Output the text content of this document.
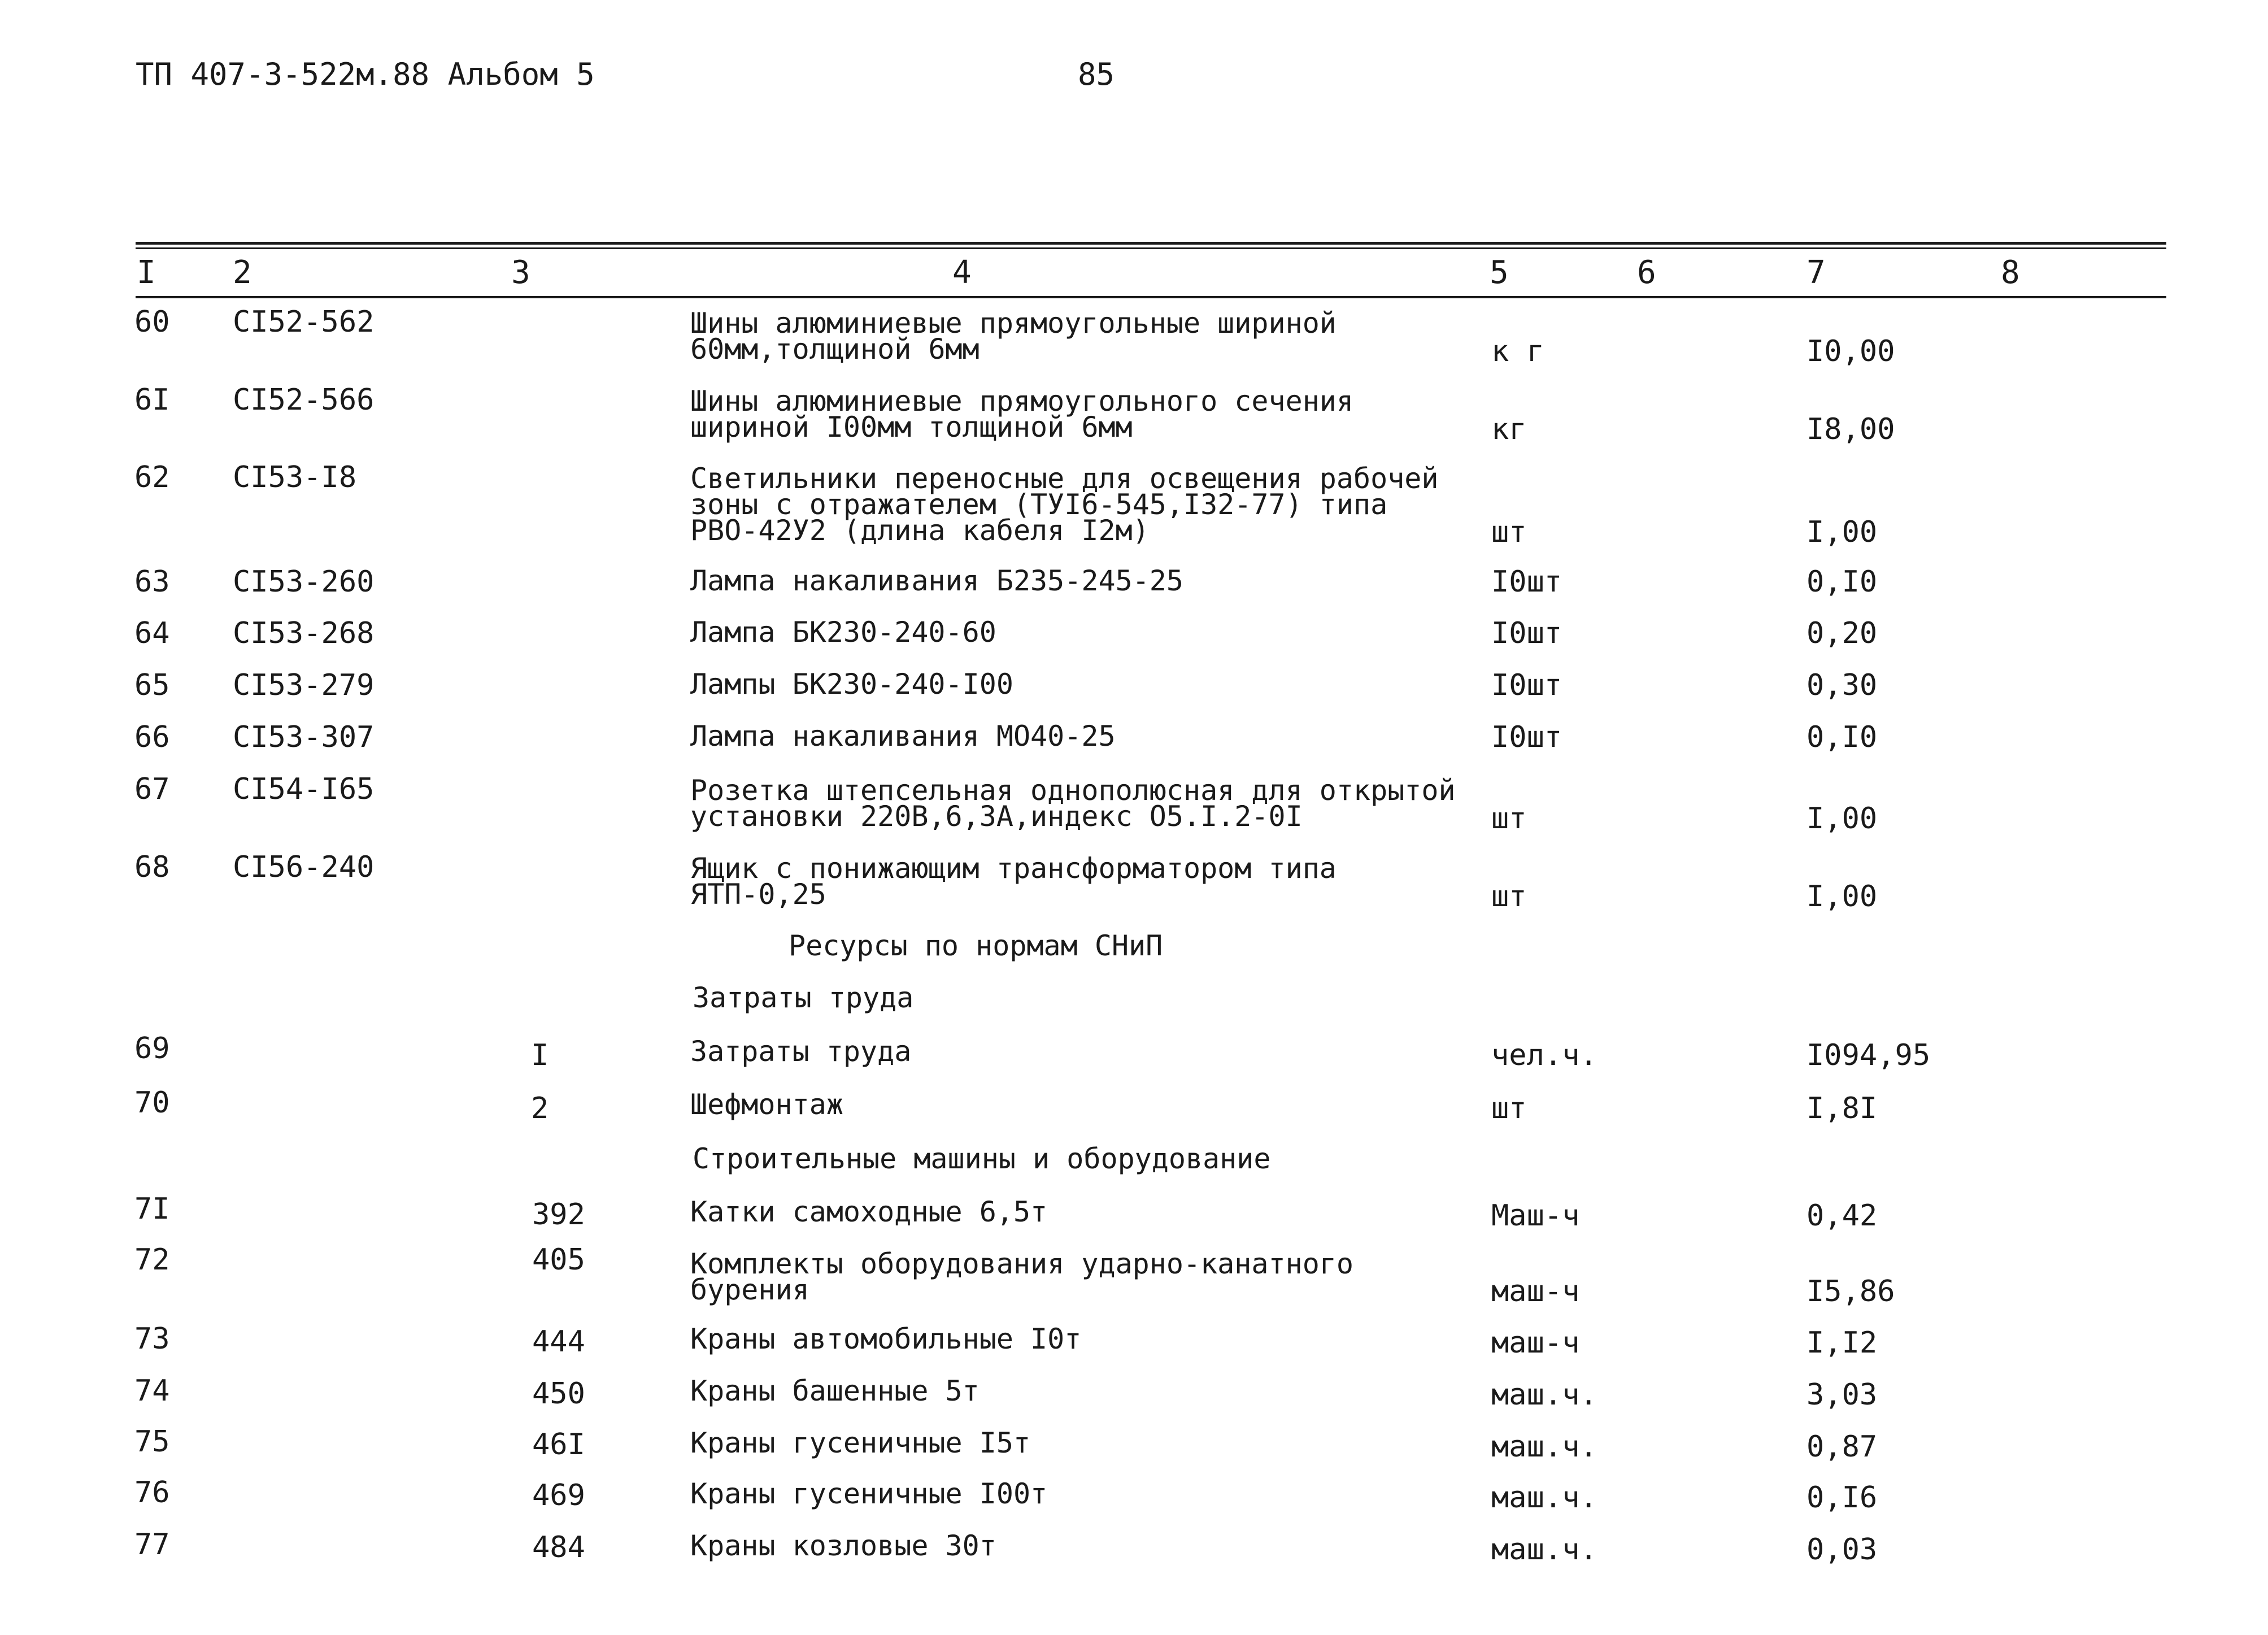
ТП 407-3-522м.88 Альбом 5	85
I 2	3	4	5	6	7	8
60 СI52-562	Шины алюминиевые прямоугольные шириной
60мм,толщиной 6мм	к г	I0,00
6I СI52-566	Шины алюминиевые прямоугольного сечения
шириной I00мм толщиной 6мм	кг	I8,00
62 СI53-I8	Светильники переносные для освещения рабочей
зоны с отражателем (ТУI6-545,I32-77) типа
РВО-42У2 (длина кабеля I2м)	шт	I,00
63 СI53-260	Лампа накаливания Б235-245-25	I0шт	0,I0
64 СI53-268	Лампа БК230-240-60	I0шт	0,20
65 СI53-279	Лампы БК230-240-I00	I0шт	0,30
66 СI53-307	Лампа накаливания МО40-25	I0шт	0,I0
67 СI54-I65	Розетка штепсельная однополюсная для открытой
установки 220В,6,3А,индекс О5.I.2-0I	шт	I,00
68 СI56-240	Ящик с понижающим трансформатором типа
ЯТП-0,25	шт	I,00
Ресурсы по нормам СНиП
Затраты труда
69	I	Затраты труда	чел.ч.	I094,95
70	2	Шефмонтаж	шт	I,8I
Строительные машины и оборудование
7I	392	Катки самоходные 6,5т	Маш-ч	0,42
72	405	Комплекты оборудования ударно-канатного
бурения	маш-ч	I5,86
73	444	Краны автомобильные I0т	маш-ч	I,I2
74	450	Краны башенные 5т	маш.ч.	3,03
75	46I	Краны гусеничные I5т	маш.ч.	0,87
76	469	Краны гусеничные I00т	маш.ч.	0,I6
77	484	Краны козловые 30т	маш.ч.	0,03
